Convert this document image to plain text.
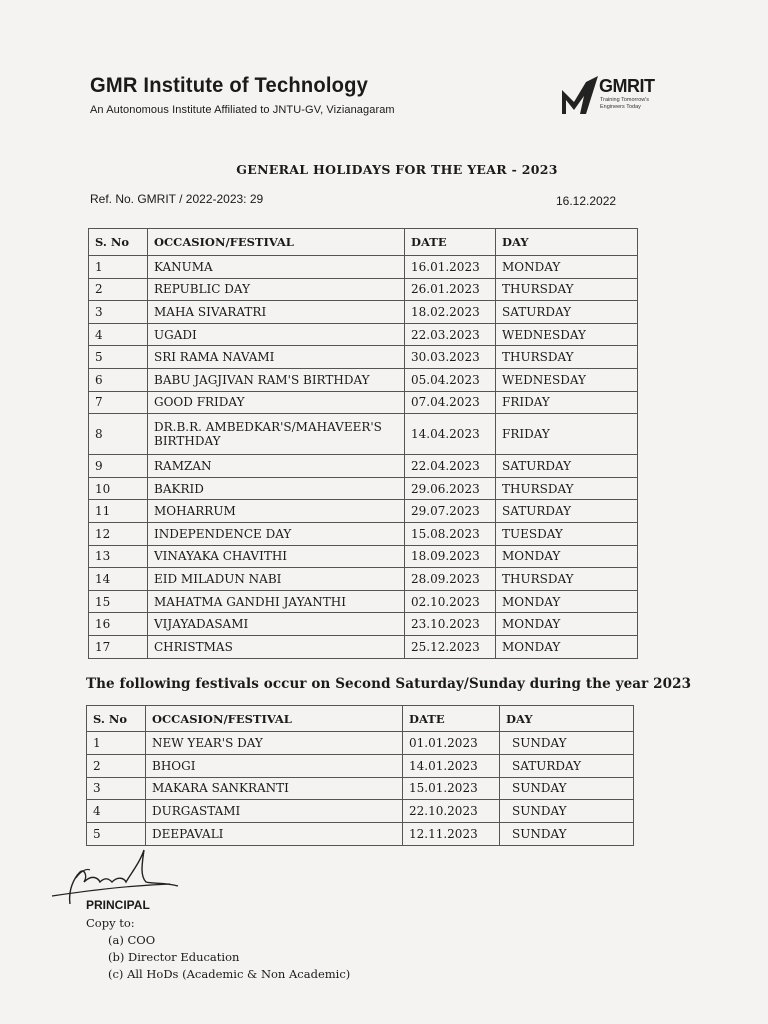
GMR Institute of Technology
An Autonomous Institute Affiliated to JNTU-GV, Vizianagaram
GMRIT
Training Tomorrow's Engineers Today
GENERAL HOLIDAYS FOR THE YEAR - 2023
Ref. No. GMRIT / 2022-2023: 29	16.12.2022
S. No	OCCASION/FESTIVAL	DATE	DAY
1	KANUMA	16.01.2023	MONDAY
2	REPUBLIC DAY	26.01.2023	THURSDAY
3	MAHA SIVARATRI	18.02.2023	SATURDAY
4	UGADI	22.03.2023	WEDNESDAY
5	SRI RAMA NAVAMI	30.03.2023	THURSDAY
6	BABU JAGJIVAN RAM'S BIRTHDAY	05.04.2023	WEDNESDAY
7	GOOD FRIDAY	07.04.2023	FRIDAY
8	DR.B.R. AMBEDKAR'S/MAHAVEER'S BIRTHDAY	14.04.2023	FRIDAY
9	RAMZAN	22.04.2023	SATURDAY
10	BAKRID	29.06.2023	THURSDAY
11	MOHARRUM	29.07.2023	SATURDAY
12	INDEPENDENCE DAY	15.08.2023	TUESDAY
13	VINAYAKA CHAVITHI	18.09.2023	MONDAY
14	EID MILADUN NABI	28.09.2023	THURSDAY
15	MAHATMA GANDHI JAYANTHI	02.10.2023	MONDAY
16	VIJAYADASAMI	23.10.2023	MONDAY
17	CHRISTMAS	25.12.2023	MONDAY
The following festivals occur on Second Saturday/Sunday during the year 2023
S. No	OCCASION/FESTIVAL	DATE	DAY
1	NEW YEAR'S DAY	01.01.2023	SUNDAY
2	BHOGI	14.01.2023	SATURDAY
3	MAKARA SANKRANTI	15.01.2023	SUNDAY
4	DURGASTAMI	22.10.2023	SUNDAY
5	DEEPAVALI	12.11.2023	SUNDAY
PRINCIPAL
Copy to:
(a) COO
(b) Director Education
(c) All HoDs (Academic & Non Academic)
